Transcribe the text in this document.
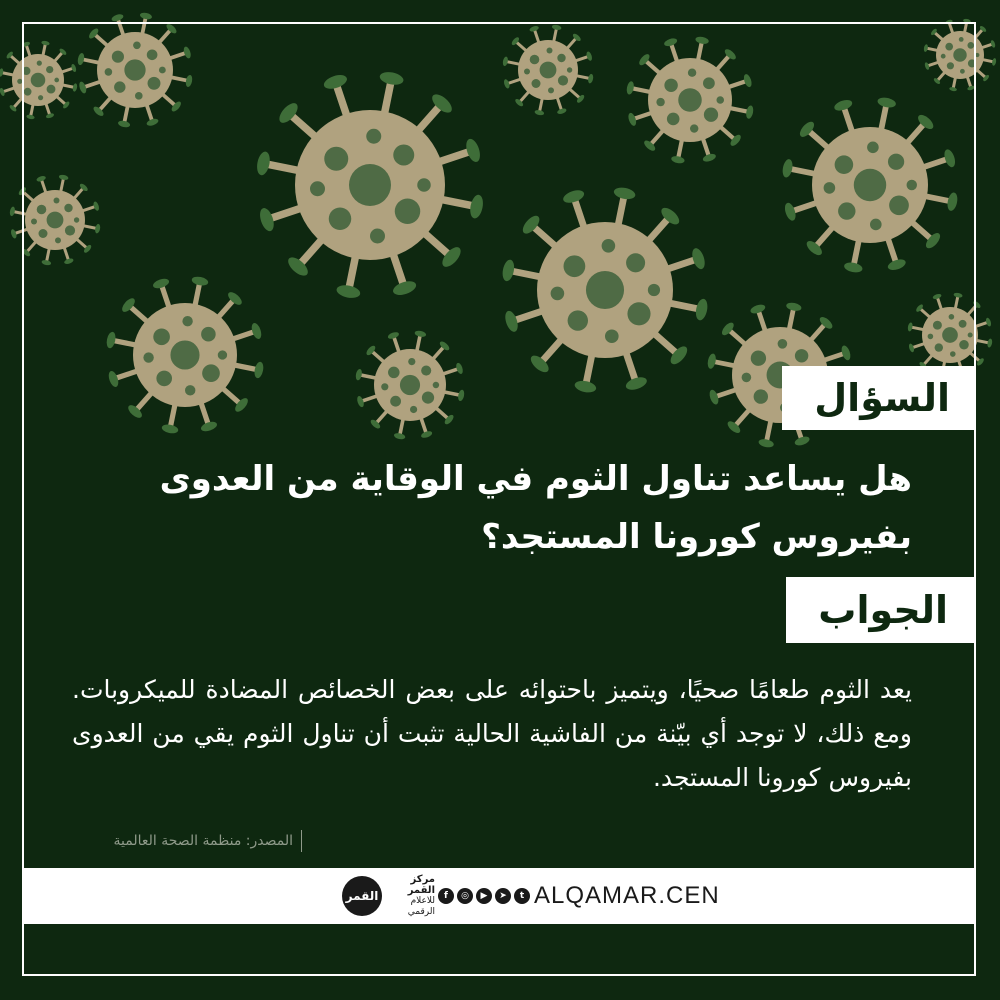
السؤال
هل يساعد تناول الثوم في الوقاية من العدوى بفيروس كورونا المستجد؟
الجواب
يعد الثوم طعامًا صحيًا، ويتميز باحتوائه على بعض الخصائص المضادة للميكروبات. ومع ذلك، لا توجد أي بيّنة من الفاشية الحالية تثبت أن تناول الثوم يقي من العدوى بفيروس كورونا المستجد.
المصدر: منظمة الصحة العالمية
القمر
مركز القمر
للاعلام الرقمي
f	◎	▶	➤	t ALQAMAR.CEN
